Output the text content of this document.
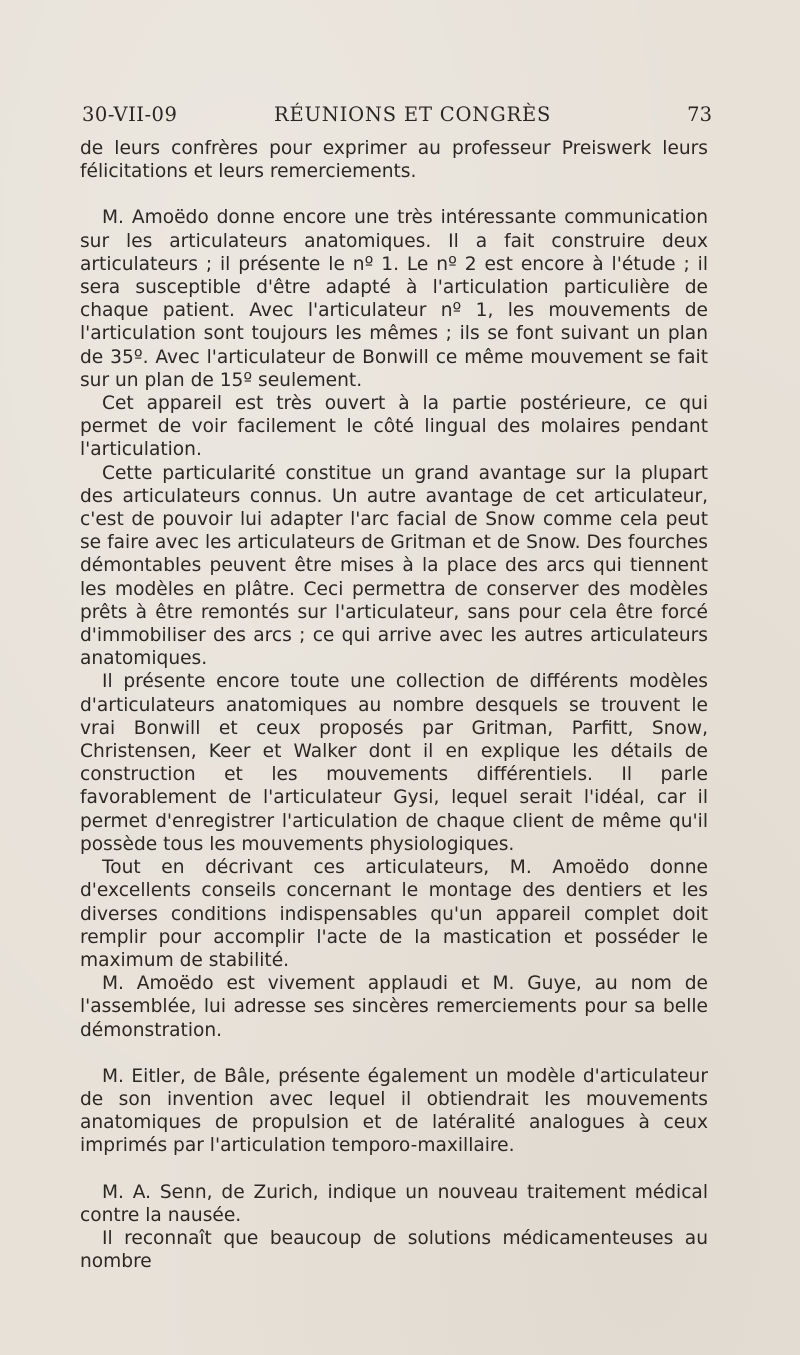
30-VII-09	RÉUNIONS ET CONGRÈS	73

de leurs confrères pour exprimer au professeur Preiswerk leurs félicitations et leurs remerciements.

M. Amoëdo donne encore une très intéressante communication sur les articulateurs anatomiques. Il a fait construire deux articulateurs ; il présente le nº 1. Le nº 2 est encore à l'étude ; il sera susceptible d'être adapté à l'articulation particulière de chaque patient. Avec l'articulateur nº 1, les mouvements de l'articulation sont toujours les mêmes ; ils se font suivant un plan de 35º. Avec l'articulateur de Bonwill ce même mouvement se fait sur un plan de 15º seulement.

Cet appareil est très ouvert à la partie postérieure, ce qui permet de voir facilement le côté lingual des molaires pendant l'articulation.

Cette particularité constitue un grand avantage sur la plupart des articulateurs connus. Un autre avantage de cet articulateur, c'est de pouvoir lui adapter l'arc facial de Snow comme cela peut se faire avec les articulateurs de Gritman et de Snow. Des fourches démontables peuvent être mises à la place des arcs qui tiennent les modèles en plâtre. Ceci permettra de conserver des modèles prêts à être remontés sur l'articulateur, sans pour cela être forcé d'immobiliser des arcs ; ce qui arrive avec les autres articulateurs anatomiques.

Il présente encore toute une collection de différents modèles d'articulateurs anatomiques au nombre desquels se trouvent le vrai Bonwill et ceux proposés par Gritman, Parfitt, Snow, Christensen, Keer et Walker dont il en explique les détails de construction et les mouvements différentiels. Il parle favorablement de l'articulateur Gysi, lequel serait l'idéal, car il permet d'enregistrer l'articulation de chaque client de même qu'il possède tous les mouvements physiologiques.

Tout en décrivant ces articulateurs, M. Amoëdo donne d'excellents conseils concernant le montage des dentiers et les diverses conditions indispensables qu'un appareil complet doit remplir pour accomplir l'acte de la mastication et posséder le maximum de stabilité.

M. Amoëdo est vivement applaudi et M. Guye, au nom de l'assemblée, lui adresse ses sincères remerciements pour sa belle démonstration.

M. Eitler, de Bâle, présente également un modèle d'articulateur de son invention avec lequel il obtiendrait les mouvements anatomiques de propulsion et de latéralité analogues à ceux imprimés par l'articulation temporo-maxillaire.

M. A. Senn, de Zurich, indique un nouveau traitement médical contre la nausée.

Il reconnaît que beaucoup de solutions médicamenteuses au nombre
